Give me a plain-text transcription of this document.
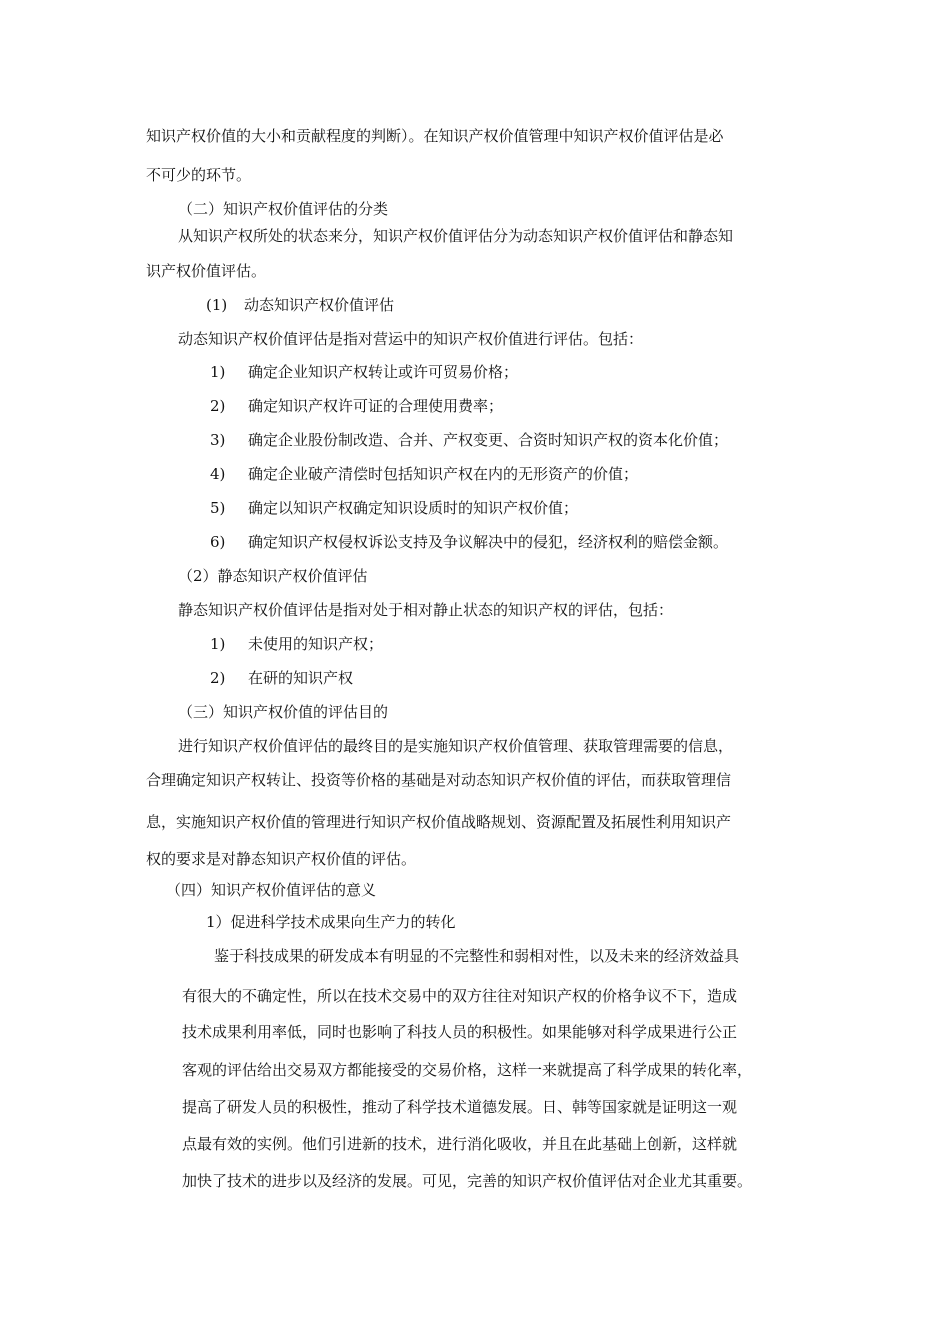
知识产权价值的大小和贡献程度的判断）。在知识产权价值管理中知识产权价值评估是必
不可少的环节。
（二）知识产权价值评估的分类
从知识产权所处的状态来分，知识产权价值评估分为动态知识产权价值评估和静态知
识产权价值评估。
(1) 动态知识产权价值评估
动态知识产权价值评估是指对营运中的知识产权价值进行评估。包括：
1) 确定企业知识产权转让或许可贸易价格；
2) 确定知识产权许可证的合理使用费率；
3) 确定企业股份制改造、合并、产权变更、合资时知识产权的资本化价值；
4) 确定企业破产清偿时包括知识产权在内的无形资产的价值；
5) 确定以知识产权确定知识设质时的知识产权价值；
6) 确定知识产权侵权诉讼支持及争议解决中的侵犯，经济权利的赔偿金额。
（2）静态知识产权价值评估
静态知识产权价值评估是指对处于相对静止状态的知识产权的评估，包括：
1) 未使用的知识产权；
2) 在研的知识产权
（三）知识产权价值的评估目的
进行知识产权价值评估的最终目的是实施知识产权价值管理、获取管理需要的信息，
合理确定知识产权转让、投资等价格的基础是对动态知识产权价值的评估，而获取管理信
息，实施知识产权价值的管理进行知识产权价值战略规划、资源配置及拓展性利用知识产
权的要求是对静态知识产权价值的评估。
（四）知识产权价值评估的意义
1）促进科学技术成果向生产力的转化
鉴于科技成果的研发成本有明显的不完整性和弱相对性，以及未来的经济效益具
有很大的不确定性，所以在技术交易中的双方往往对知识产权的价格争议不下，造成
技术成果利用率低，同时也影响了科技人员的积极性。如果能够对科学成果进行公正
客观的评估给出交易双方都能接受的交易价格，这样一来就提高了科学成果的转化率，
提高了研发人员的积极性，推动了科学技术道德发展。日、韩等国家就是证明这一观
点最有效的实例。他们引进新的技术，进行消化吸收，并且在此基础上创新，这样就
加快了技术的进步以及经济的发展。可见，完善的知识产权价值评估对企业尤其重要。
